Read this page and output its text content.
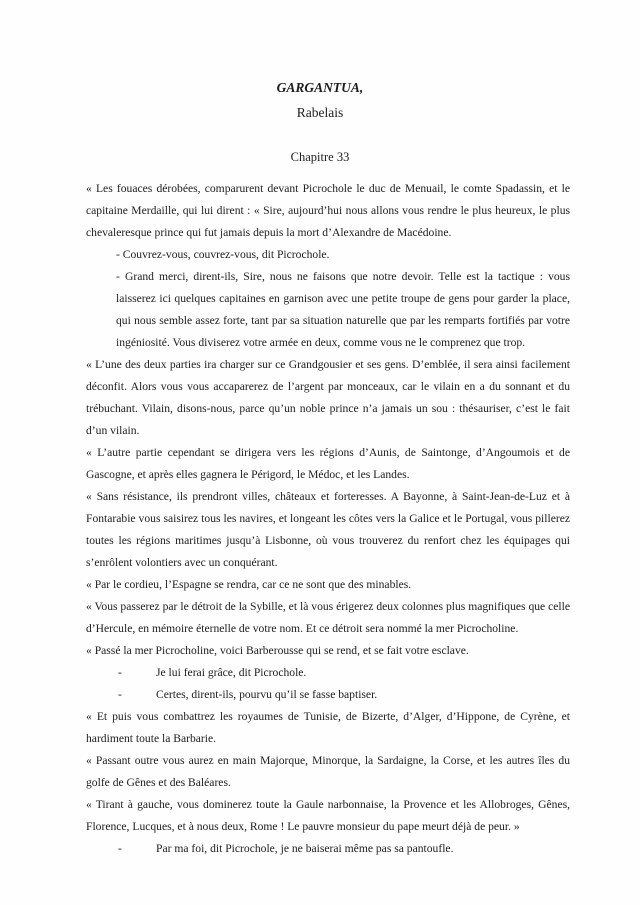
GARGANTUA,
Rabelais
Chapitre 33

« Les fouaces dérobées, comparurent devant Picrochole le duc de Menuail, le comte Spadassin, et le capitaine Merdaille, qui lui dirent : « Sire, aujourd’hui nous allons vous rendre le plus heureux, le plus chevaleresque prince qui fut jamais depuis la mort d’Alexandre de Macédoine.

- Couvrez-vous, couvrez-vous, dit Picrochole.

- Grand merci, dirent-ils, Sire, nous ne faisons que notre devoir. Telle est la tactique : vous laisserez ici quelques capitaines en garnison avec une petite troupe de gens pour garder la place, qui nous semble assez forte, tant par sa situation naturelle que par les remparts fortifiés par votre ingéniosité. Vous diviserez votre armée en deux, comme vous ne le comprenez que trop.

« L’une des deux parties ira charger sur ce Grandgousier et ses gens. D’emblée, il sera ainsi facilement déconfit. Alors vous vous accaparerez de l’argent par monceaux, car le vilain en a du sonnant et du trébuchant. Vilain, disons-nous, parce qu’un noble prince n’a jamais un sou : thésauriser, c’est le fait d’un vilain.

« L’autre partie cependant se dirigera vers les régions d’Aunis, de Saintonge, d’Angoumois et de Gascogne, et après elles gagnera le Périgord, le Médoc, et les Landes.

« Sans résistance, ils prendront villes, châteaux et forteresses. A Bayonne, à Saint-Jean-de-Luz et à Fontarabie vous saisirez tous les navires, et longeant les côtes vers la Galice et le Portugal, vous pillerez toutes les régions maritimes jusqu’à Lisbonne, où vous trouverez du renfort chez les équipages qui s’enrôlent volontiers avec un conquérant.

« Par le cordieu, l’Espagne se rendra, car ce ne sont que des minables.

« Vous passerez par le détroit de la Sybille, et là vous érigerez deux colonnes plus magnifiques que celle d’Hercule, en mémoire éternelle de votre nom. Et ce détroit sera nommé la mer Picrocholine.

« Passé la mer Picrocholine, voici Barberousse qui se rend, et se fait votre esclave.

-	Je lui ferai grâce, dit Picrochole.
-	Certes, dirent-ils, pourvu qu’il se fasse baptiser.

« Et puis vous combattrez les royaumes de Tunisie, de Bizerte, d’Alger, d’Hippone, de Cyrène, et hardiment toute la Barbarie.

« Passant outre vous aurez en main Majorque, Minorque, la Sardaigne, la Corse, et les autres îles du golfe de Gênes et des Baléares.

« Tirant à gauche, vous dominerez toute la Gaule narbonnaise, la Provence et les Allobroges, Gênes, Florence, Lucques, et à nous deux, Rome ! Le pauvre monsieur du pape meurt déjà de peur. »

-	Par ma foi, dit Picrochole, je ne baiserai même pas sa pantoufle.
